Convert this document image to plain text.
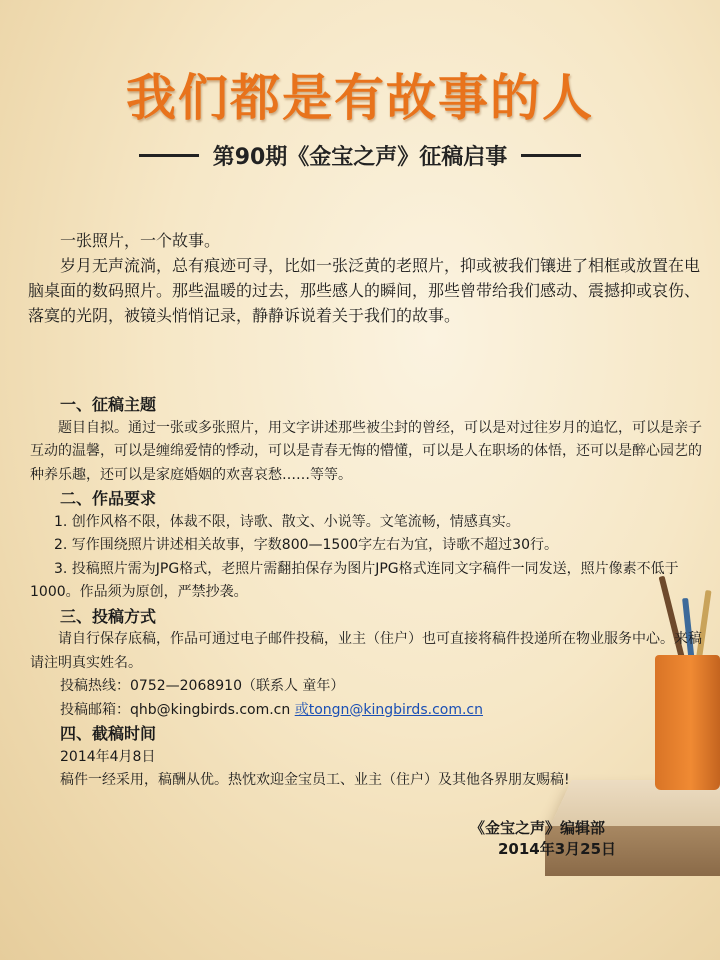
我们都是有故事的人
第90期《金宝之声》征稿启事

一张照片，一个故事。

岁月无声流淌，总有痕迹可寻，比如一张泛黄的老照片，抑或被我们镶进了相框或放置在电脑桌面的数码照片。那些温暖的过去，那些感人的瞬间，那些曾带给我们感动、震撼抑或哀伤、落寞的光阴，被镜头悄悄记录，静静诉说着关于我们的故事。

一、征稿主题

题目自拟。通过一张或多张照片，用文字讲述那些被尘封的曾经，可以是对过往岁月的追忆，可以是亲子互动的温馨，可以是缠绵爱情的悸动，可以是青春无悔的懵懂，可以是人在职场的体悟，还可以是醉心园艺的种养乐趣，还可以是家庭婚姻的欢喜哀愁……等等。

二、作品要求

1. 创作风格不限，体裁不限，诗歌、散文、小说等。文笔流畅，情感真实。

2. 写作围绕照片讲述相关故事，字数800—1500字左右为宜，诗歌不超过30行。

3. 投稿照片需为JPG格式，老照片需翻拍保存为图片JPG格式连同文字稿件一同发送，照片像素不低于1000。作品须为原创，严禁抄袭。

三、投稿方式

请自行保存底稿，作品可通过电子邮件投稿，业主（住户）也可直接将稿件投递所在物业服务中心。来稿请注明真实姓名。

投稿热线：0752—2068910（联系人 童年）

投稿邮箱：qhb@kingbirds.com.cn 或tongn@kingbirds.com.cn

四、截稿时间

2014年4月8日

稿件一经采用，稿酬从优。热忱欢迎金宝员工、业主（住户）及其他各界朋友赐稿!

《金宝之声》编辑部
2014年3月25日
